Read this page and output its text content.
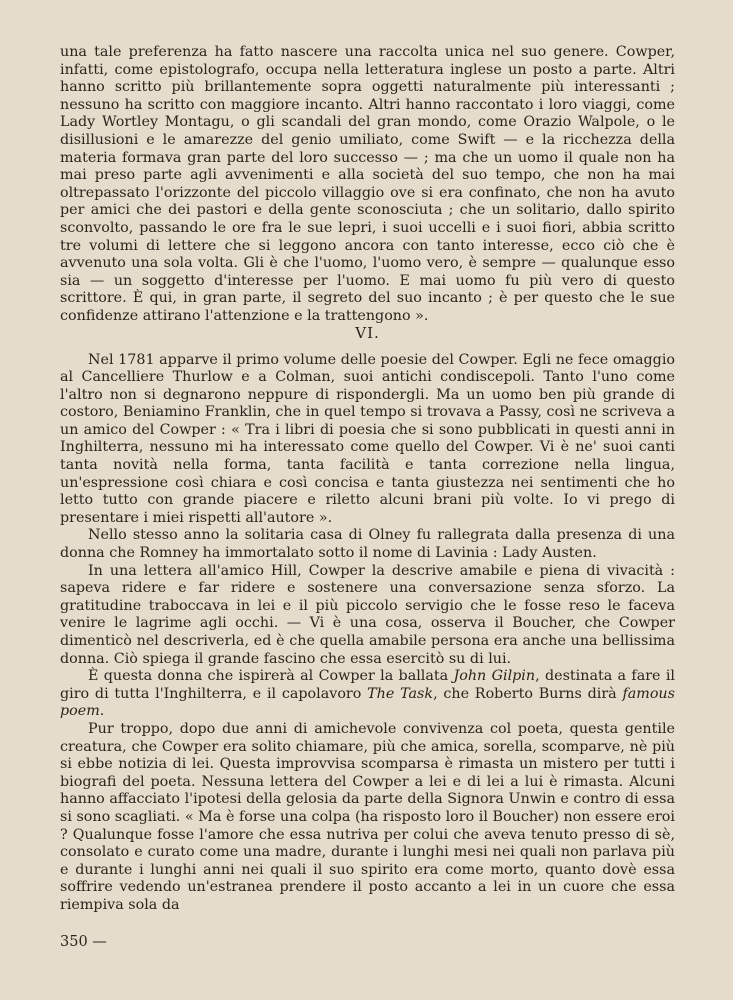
una tale preferenza ha fatto nascere una raccolta unica nel suo genere. Cowper, infatti, come epistolografo, occupa nella letteratura inglese un posto a parte. Altri hanno scritto più brillantemente sopra oggetti naturalmente più interessanti ; nessuno ha scritto con maggiore incanto. Altri hanno raccontato i loro viaggi, come Lady Wortley Montagu, o gli scandali del gran mondo, come Orazio Walpole, o le disillusioni e le amarezze del genio umiliato, come Swift — e la ricchezza della materia formava gran parte del loro successo — ; ma che un uomo il quale non ha mai preso parte agli avvenimenti e alla società del suo tempo, che non ha mai oltrepassato l'orizzonte del piccolo villaggio ove si era confinato, che non ha avuto per amici che dei pastori e della gente sconosciuta ; che un solitario, dallo spirito sconvolto, passando le ore fra le sue lepri, i suoi uccelli e i suoi fiori, abbia scritto tre volumi di lettere che si leggono ancora con tanto interesse, ecco ciò che è avvenuto una sola volta. Gli è che l'uomo, l'uomo vero, è sempre — qualunque esso sia — un soggetto d'interesse per l'uomo. E mai uomo fu più vero di questo scrittore. È qui, in gran parte, il segreto del suo incanto ; è per questo che le sue confidenze attirano l'attenzione e la trattengono ».

VI.

Nel 1781 apparve il primo volume delle poesie del Cowper. Egli ne fece omaggio al Cancelliere Thurlow e a Colman, suoi antichi condiscepoli. Tanto l'uno come l'altro non si degnarono neppure di rispondergli. Ma un uomo ben più grande di costoro, Beniamino Franklin, che in quel tempo si trovava a Passy, così ne scriveva a un amico del Cowper : « Tra i libri di poesia che si sono pubblicati in questi anni in Inghilterra, nessuno mi ha interessato come quello del Cowper. Vi è ne' suoi canti tanta novità nella forma, tanta facilità e tanta correzione nella lingua, un'espressione così chiara e così concisa e tanta giustezza nei sentimenti che ho letto tutto con grande piacere e riletto alcuni brani più volte. Io vi prego di presentare i miei rispetti all'autore ».

Nello stesso anno la solitaria casa di Olney fu rallegrata dalla presenza di una donna che Romney ha immortalato sotto il nome di Lavinia : Lady Austen.

In una lettera all'amico Hill, Cowper la descrive amabile e piena di vivacità : sapeva ridere e far ridere e sostenere una conversazione senza sforzo. La gratitudine traboccava in lei e il più piccolo servigio che le fosse reso le faceva venire le lagrime agli occhi. — Vi è una cosa, osserva il Boucher, che Cowper dimenticò nel descriverla, ed è che quella amabile persona era anche una bellissima donna. Ciò spiega il grande fascino che essa esercitò su di lui.

È questa donna che ispirerà al Cowper la ballata John Gilpin, destinata a fare il giro di tutta l'Inghilterra, e il capolavoro The Task, che Roberto Burns dirà famous poem.

Pur troppo, dopo due anni di amichevole convivenza col poeta, questa gentile creatura, che Cowper era solito chiamare, più che amica, sorella, scomparve, nè più si ebbe notizia di lei. Questa improvvisa scomparsa è rimasta un mistero per tutti i biografi del poeta. Nessuna lettera del Cowper a lei e di lei a lui è rimasta. Alcuni hanno affacciato l'ipotesi della gelosia da parte della Signora Unwin e contro di essa si sono scagliati. « Ma è forse una colpa (ha risposto loro il Boucher) non essere eroi ? Qualunque fosse l'amore che essa nutriva per colui che aveva tenuto presso di sè, consolato e curato come una madre, durante i lunghi mesi nei quali non parlava più e durante i lunghi anni nei quali il suo spirito era come morto, quanto dovè essa soffrire vedendo un'estranea prendere il posto accanto a lei in un cuore che essa riempiva sola da

350 —
